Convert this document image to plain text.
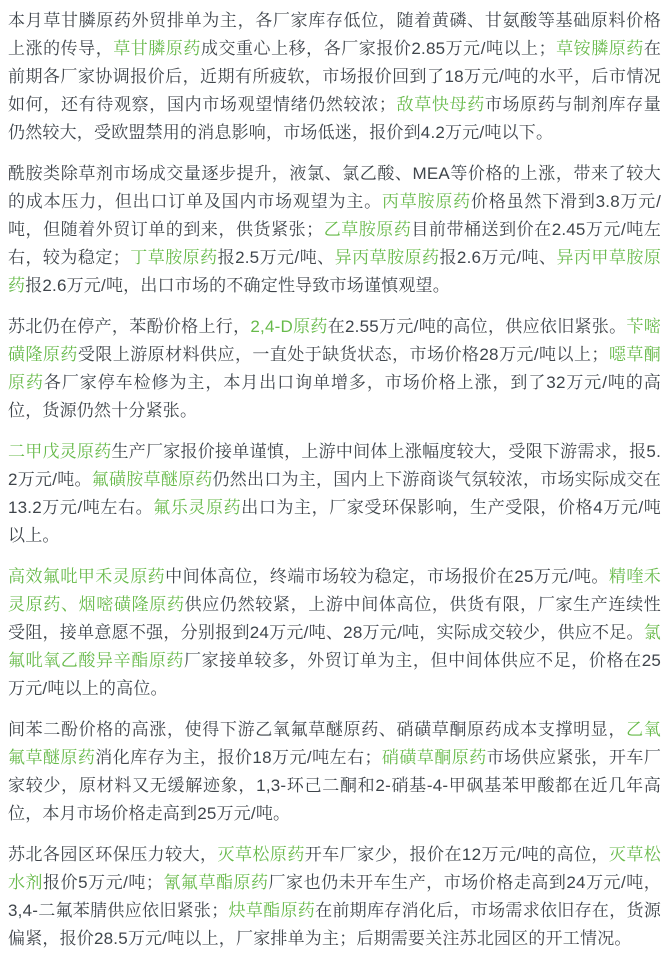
本月草甘膦原药外贸排单为主，各厂家库存低位，随着黄磷、甘氨酸等基础原料价格上涨的传导，草甘膦原药成交重心上移，各厂家报价2.85万元/吨以上；草铵膦原药在前期各厂家协调报价后，近期有所疲软，市场报价回到了18万元/吨的水平，后市情况如何，还有待观察，国内市场观望情绪仍然较浓；敌草快母药市场原药与制剂库存量仍然较大，受欧盟禁用的消息影响，市场低迷，报价到4.2万元/吨以下。

酰胺类除草剂市场成交量逐步提升，液氯、氯乙酸、MEA等价格的上涨，带来了较大的成本压力，但出口订单及国内市场观望为主。丙草胺原药价格虽然下滑到3.8万元/吨，但随着外贸订单的到来，供货紧张；乙草胺原药目前带桶送到价在2.45万元/吨左右，较为稳定；丁草胺原药报2.5万元/吨、异丙草胺原药报2.6万元/吨、异丙甲草胺原药报2.6万元/吨，出口市场的不确定性导致市场谨慎观望。

苏北仍在停产，苯酚价格上行，2,4-D原药在2.55万元/吨的高位，供应依旧紧张。苄嘧磺隆原药受限上游原材料供应，一直处于缺货状态，市场价格28万元/吨以上；噁草酮原药各厂家停车检修为主，本月出口询单增多，市场价格上涨，到了32万元/吨的高位，货源仍然十分紧张。

二甲戊灵原药生产厂家报价接单谨慎，上游中间体上涨幅度较大，受限下游需求，报5.2万元/吨。氟磺胺草醚原药仍然出口为主，国内上下游商谈气氛较浓，市场实际成交在13.2万元/吨左右。氟乐灵原药出口为主，厂家受环保影响，生产受限，价格4万元/吨以上。

高效氟吡甲禾灵原药中间体高位，终端市场较为稳定，市场报价在25万元/吨。精喹禾灵原药、烟嘧磺隆原药供应仍然较紧，上游中间体高位，供货有限，厂家生产连续性受阻，接单意愿不强，分别报到24万元/吨、28万元/吨，实际成交较少，供应不足。氯氟吡氧乙酸异辛酯原药厂家接单较多，外贸订单为主，但中间体供应不足，价格在25万元/吨以上的高位。

间苯二酚价格的高涨，使得下游乙氧氟草醚原药、硝磺草酮原药成本支撑明显，乙氧氟草醚原药消化库存为主，报价18万元/吨左右；硝磺草酮原药市场供应紧张，开车厂家较少，原材料又无缓解迹象，1,3-环己二酮和2-硝基-4-甲砜基苯甲酸都在近几年高位，本月市场价格走高到25万元/吨。

苏北各园区环保压力较大，灭草松原药开车厂家少，报价在12万元/吨的高位，灭草松水剂报价5万元/吨；氰氟草酯原药厂家也仍未开车生产，市场价格走高到24万元/吨，3,4-二氟苯腈供应依旧紧张；炔草酯原药在前期库存消化后，市场需求依旧存在，货源偏紧，报价28.5万元/吨以上，厂家排单为主；后期需要关注苏北园区的开工情况。
